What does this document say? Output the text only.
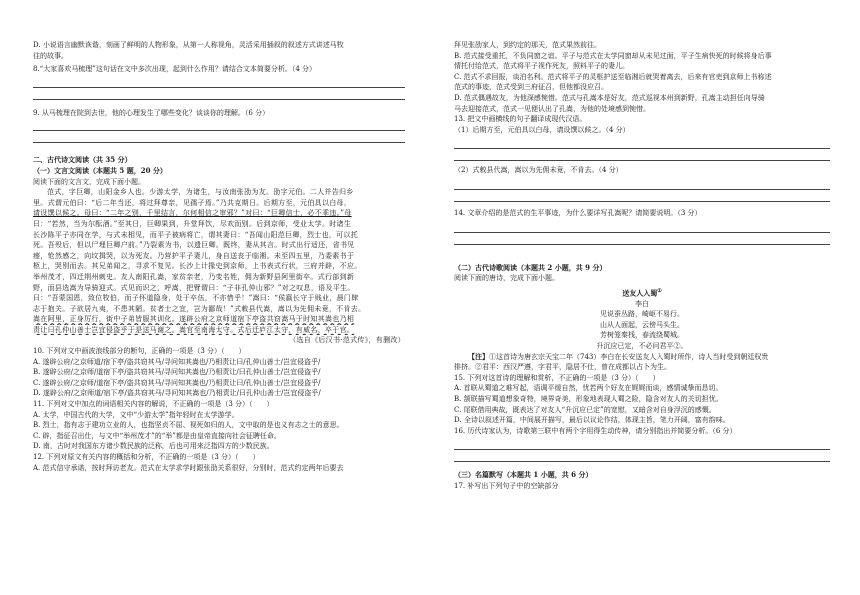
D. 小说语言幽默诙谐，刻画了鲜明的人物形象，从第一人称视角，灵活采用插叙的叙述方式讲述马牧

往的故事。

8.“大家喜欢马梳理”这句话在文中多次出现，起到什么作用？请结合文本简要分析。（4 分）

9. 从马梳理在院到去世，他的心理发生了哪些变化？谈谈你的理解。（6 分）

二、古代诗文阅读（共 35 分）

（一）文言文阅读（本题共 5 题，20 分）

阅读下面的文言文，完成下面小题。

范式，字巨卿，山阳金乡人也。少游太学，为诸生，与汝南张劭为友。劭字元伯。二人并告归乡

里。式谓元伯曰：“后二年当还，将过拜尊亲，见孺子焉。”乃共克期日。后期方至，元伯具以白母，

请设馔以候之。母曰：“二年之别，千里结言，尔何相信之审邪？”对曰：“巨卿信士，必不乖违。”母

曰：“若然，当为尔酝酒。”至其日，巨卿果到，升堂拜饮，尽欢而别。后到京师，受业太学。时诸生

长沙陈平子亦同在学，与式未相见，而平子被病将亡，谓其妻曰：“吾闻山阳范巨卿，烈士也，可以托

死。吾殁后，但以尸埋巨卿户前。”乃裂素为书，以遗巨卿。既终，妻从其言。时式出行适还，省书见

瘗，怆然感之，向坟揖哭，以为死友。乃营护平子妻儿，身自送丧于临湘。未至四五里，乃委素书于

柩上，哭别而去。其兄弟闻之，寻求不复见。长沙上计掾史到京师，上书表式行状，三府并辟，不应。

举州茂才，四迁荆州刺史。友人南阳孔嵩，家贫亲老，乃变名姓，佣为新野县阿里街卒。式行部到新

野，而县选嵩为导骑迎式。式见而识之，呼嵩，把臂谓曰：“子非孔仲山邪？”对之叹息，语及平生。

曰：“吾蒙国恩，致位牧伯，而子怀道隐身，处于卒伍，不亦惜乎！”嵩曰：“侯嬴长守于贱业，晨门肆

志于抱关。子欲居九夷，不患其陋。贫者士之宜，岂为鄙哉！”式敕县代嵩，嵩以为先佣未竟，不肯去。

嵩在阿里，正身厉行，街中子弟皆服其训化。遂辟公府之京师道宿下亭盗共窃嵩马于时知其嵩也乃相

责让曰孔仲山善士岂宜侵盗乎于是送马谢之。嵩官至南海太守。式后迁庐江太守，有威名，卒于官。

（选自《后汉书·范式传》，有删改）

10. 下列对文中画波浪线部分的断句，正确的一项是（3 分）（　　）

A. 遂辟公府/之京师道/宿下亭/盗共窃其马/寻问知其嵩也/乃相责让曰/孔仲山善士/岂宜侵盗乎/

B. 遂辟公府/之京师/道宿下亭/盗共窃其马/寻问知其嵩也/乃相责让/曰孔仲山善士/岂宜侵盗乎/

C. 遂辟公府/之京师/道宿下亭/盗共窃其马/寻问知其嵩也/乃相责让曰/孔仲山善士/岂宜侵盗乎/

D. 遂辟公府/之京师道/宿下亭/盗共窃其马/寻问知其嵩也/乃相责让/曰孔仲山善士/岂宜侵盗乎/

11. 下列对文中加点的词语相关内容的解说，不正确的一项是（3 分）（　　）

A. 太学，中国古代的大学，文中“少游太学”指年轻时在太学游学。

B. 烈士，指有志于建功立业的人，也指坚贞不屈、视死如归的人，文中取的是也义有志之士的意思。

C. 辟，指征召出仕，与文中“举州茂才”的“举”都是由皇帝直接向社会征聘任命。

D. 南，古时对我国东方诸少数民族的泛称，后也可用来泛指四方的少数民族。

12. 下列对原文有关内容的概括和分析，不正确的一项是（3 分）（　　）

A. 范式信守承诺，按时拜访老友。范式在太学求学时跟张劭关系很好，分别时，范式约定两年后要去

拜见张劭家人，到约定的那天，范式果然前往。

B. 范式接受重托，不负同窗之谊。平子与范式在太学同窗却从未见过面，平子生病快死的时候将身后事

情托付给范式，范式将平子视作死友，照料平子的妻儿。

C. 范式不求回报，谈泊名利。范式将平子的灵柩护送至临湘后就哭着离去，后来有官吏到京师上书称述

范式的事迹，范式受到三府征召，但他都没应召。

D. 范式偶遇故友，为他深感惋惜。范式与孔嵩本是好友，范式巡视本州到新野，孔嵩主动担任向导骑

马去迎接范式，范式一见便认出了孔嵩，为他的处境感到惋惜。

13. 把文中画横线的句子翻译成现代汉语。

（1）后期方至，元伯具以白母，请设馔以候之。（4 分）

（2）式敕县代嵩，嵩以为先佣未竟，不肯去。（4 分）

14. 文章介绍的是范式的生平事迹，为什么要详写孔嵩呢？请简要说明。（3 分）

（二）古代诗歌阅读（本题共 2 小题，共 9 分）

阅读下面的唐诗，完成下面小题。

送友人入蜀①

李白

见说蚕丛路，崎岖不易行。

山从人面起，云傍马头生。

芳树笼秦栈，春流绕蜀城。

升沉应已定，不必问君平②。

【注】①这首诗为唐玄宗天宝二年（743）李白在长安送友人入蜀时所作，诗人当时受到朝廷权贵

排挤。②君平：西汉严遵，字君平，隐居不仕，曾在成都以占卜为生。

15. 下列对这首诗的理解和赏析，不正确的一项是（3 分）（　　）

A. 首联从蜀道之难写起，语调平缓自然，忧若两个好友在娓娓而谈，感情诚挚而恳切。

B. 颔联描写蜀道想象奇特，境界奇美，形象地表现人蜀之险，隐含对友人的关切担忧。

C. 尾联借用典故，既表达了对友人“升沉应已定”的宽慰，又暗含对自身浮沉的感慨。

D. 全诗以叙述开篇，中间展开描写，最后以议论作结，体现主旨，笔力开阔，富有韵味。

16. 历代诗家认为，诗歌第三联中有两个字用得生动传神，请分别指出并简要分析。（6 分）

（三）名篇默写（本题共 1 小题，共 6 分）

17. 补写出下列句子中的空缺部分
